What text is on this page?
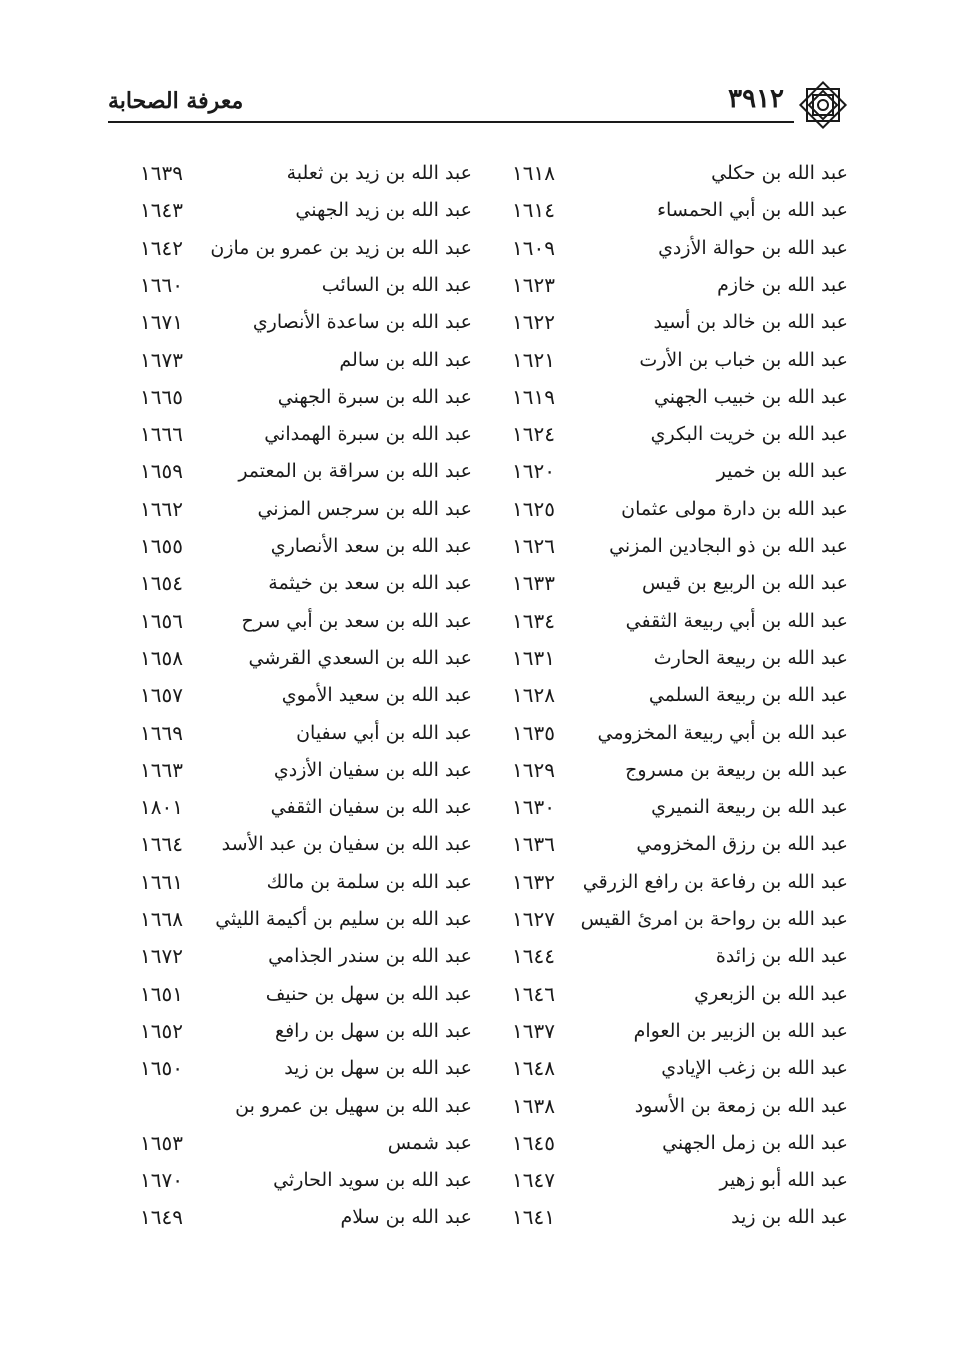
معرفة الصحابة	٣٩١٢
عبد الله بن حكلي
١٦١٨
عبد الله بن زيد بن ثعلبة
١٦٣٩
عبد الله بن أبي الحمساء
١٦١٤
عبد الله بن زيد الجهني
١٦٤٣
عبد الله بن حوالة الأزدي
١٦٠٩
عبد الله بن زيد بن عمرو بن مازن
١٦٤٢
عبد الله بن خازم
١٦٢٣
عبد الله بن السائب
١٦٦٠
عبد الله بن خالد بن أسيد
١٦٢٢
عبد الله بن ساعدة الأنصاري
١٦٧١
عبد الله بن خباب بن الأرت
١٦٢١
عبد الله بن سالم
١٦٧٣
عبد الله بن خبيب الجهني
١٦١٩
عبد الله بن سبرة الجهني
١٦٦٥
عبد الله بن خريت البكري
١٦٢٤
عبد الله بن سبرة الهمداني
١٦٦٦
عبد الله بن خمير
١٦٢٠
عبد الله بن سراقة بن المعتمر
١٦٥٩
عبد الله بن دارة مولى عثمان
١٦٢٥
عبد الله بن سرجس المزني
١٦٦٢
عبد الله بن ذو البجادين المزني
١٦٢٦
عبد الله بن سعد الأنصاري
١٦٥٥
عبد الله بن الربيع بن قيس
١٦٣٣
عبد الله بن سعد بن خيثمة
١٦٥٤
عبد الله بن أبي ربيعة الثقفي
١٦٣٤
عبد الله بن سعد بن أبي سرح
١٦٥٦
عبد الله بن ربيعة الحارث
١٦٣١
عبد الله بن السعدي القرشي
١٦٥٨
عبد الله بن ربيعة السلمي
١٦٢٨
عبد الله بن سعيد الأموي
١٦٥٧
عبد الله بن أبي ربيعة المخزومي
١٦٣٥
عبد الله بن أبي سفيان
١٦٦٩
عبد الله بن ربيعة بن مسروج
١٦٢٩
عبد الله بن سفيان الأزدي
١٦٦٣
عبد الله بن ربيعة النميري
١٦٣٠
عبد الله بن سفيان الثقفي
١٨٠١
عبد الله بن رزق المخزومي
١٦٣٦
عبد الله بن سفيان بن عبد الأسد
١٦٦٤
عبد الله بن رفاعة بن رافع الزرقي
١٦٣٢
عبد الله بن سلمة بن مالك
١٦٦١
عبد الله بن رواحة بن امرئ القيس
١٦٢٧
عبد الله بن سليم بن أكيمة الليثي
١٦٦٨
عبد الله بن زائدة
١٦٤٤
عبد الله بن سندر الجذامي
١٦٧٢
عبد الله بن الزبعري
١٦٤٦
عبد الله بن سهل بن حنيف
١٦٥١
عبد الله بن الزبير بن العوام
١٦٣٧
عبد الله بن سهل بن رافع
١٦٥٢
عبد الله بن زغب الإيادي
١٦٤٨
عبد الله بن سهل بن زيد
١٦٥٠
عبد الله بن زمعة بن الأسود
١٦٣٨
عبد الله بن سهيل بن عمرو بن
عبد الله بن زمل الجهني
١٦٤٥
عبد شمس
١٦٥٣
عبد الله أبو زهير
١٦٤٧
عبد الله بن سويد الحارثي
١٦٧٠
عبد الله بن زيد
١٦٤١
عبد الله بن سلام
١٦٤٩
